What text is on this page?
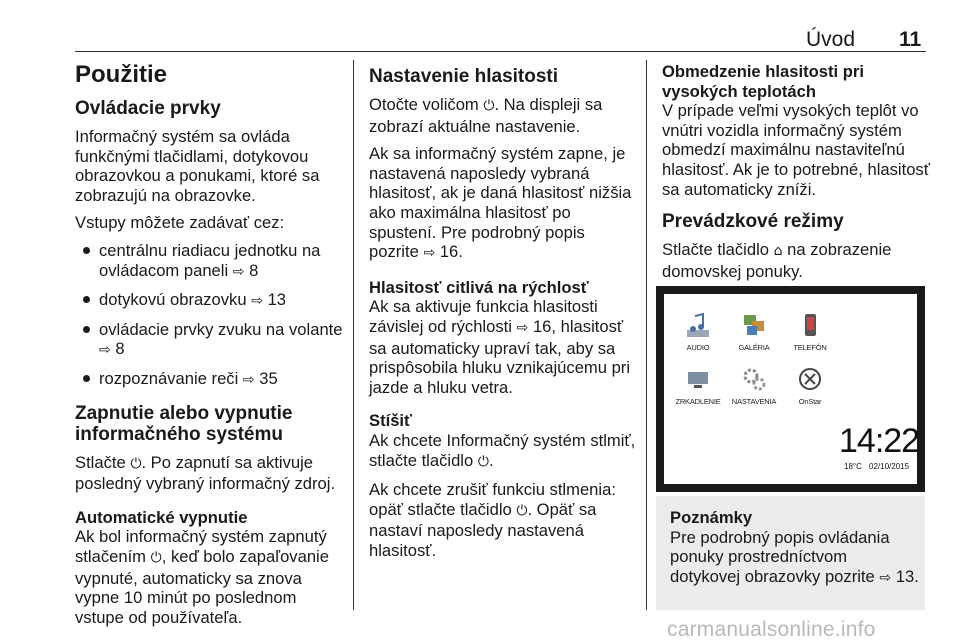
Úvod 11
Použitie
Ovládacie prvky

Informačný systém sa ovláda funkčnými tlačidlami, dotykovou obrazovkou a ponukami, ktoré sa zobrazujú na obrazovke.

Vstupy môžete zadávať cez:

centrálnu riadiacu jednotku na ovládacom paneli ⇨ 8
dotykovú obrazovku ⇨ 13
ovládacie prvky zvuku na volante ⇨ 8
rozpoznávanie reči ⇨ 35
Zapnutie alebo vypnutie
informačného systému

Stlačte ⏻. Po zapnutí sa aktivuje posledný vybraný informačný zdroj.

Automatické vypnutie

Ak bol informačný systém zapnutý stlačením ⏻, keď bolo zapaľovanie vypnuté, automaticky sa znova vypne 10 minút po poslednom vstupe od používateľa.

Nastavenie hlasitosti

Otočte voličom ⏻. Na displeji sa zobrazí aktuálne nastavenie.

Ak sa informačný systém zapne, je nastavená naposledy vybraná hlasitosť, ak je daná hlasitosť nižšia ako maximálna hlasitosť po spustení. Pre podrobný popis pozrite ⇨ 16.

Hlasitosť citlivá na rýchlosť

Ak sa aktivuje funkcia hlasitosti závislej od rýchlosti ⇨ 16, hlasitosť sa automaticky upraví tak, aby sa prispôsobila hluku vznikajúcemu pri jazde a hluku vetra.

Stíšiť

Ak chcete Informačný systém stlmiť, stlačte tlačidlo ⏻.

Ak chcete zrušiť funkciu stlmenia: opäť stlačte tlačidlo ⏻. Opäť sa nastaví naposledy nastavená hlasitosť.

Obmedzenie hlasitosti pri vysokých teplotách

V prípade veľmi vysokých teplôt vo vnútri vozidla informačný systém obmedzí maximálnu nastaviteľnú hlasitosť. Ak je to potrebné, hlasitosť sa automaticky zníži.

Prevádzkové režimy

Stlačte tlačidlo ⌂ na zobrazenie domovskej ponuky.

AUDIO	GALÉRIA	TELEFÓN
ZRKADLENIE	NASTAVENIA	OnStar
14:22
18°C 02/10/2015
Poznámky
Pre podrobný popis ovládania ponuky prostredníctvom dotykovej obrazovky pozrite ⇨ 13.
carmanualsonline.info
